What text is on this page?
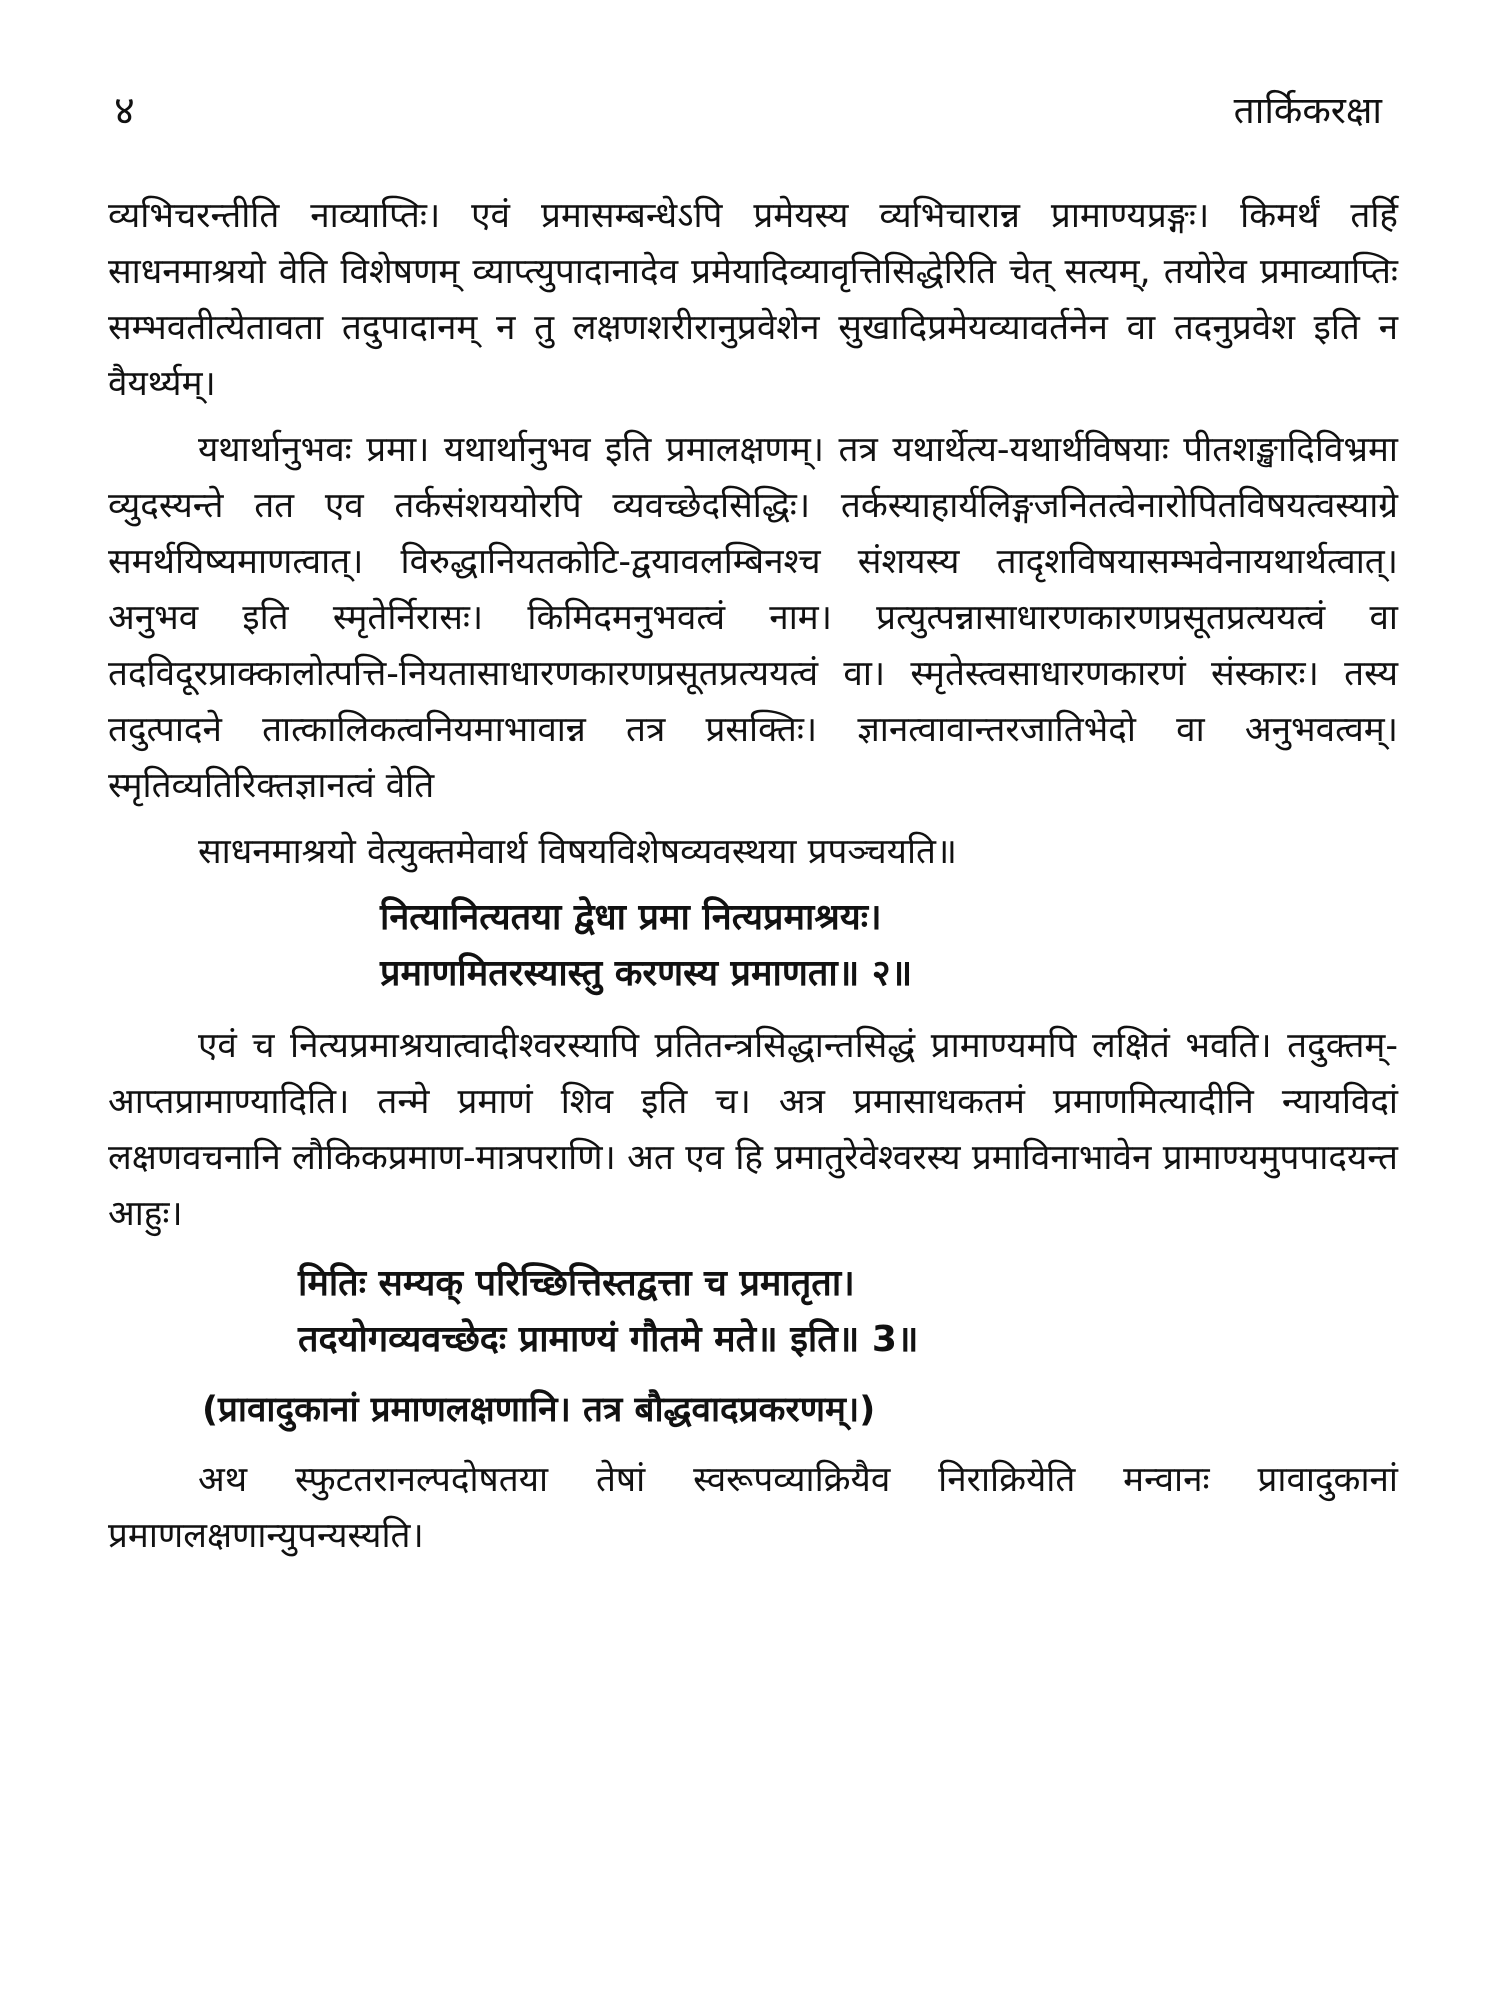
४	तार्किकरक्षा

व्यभिचरन्तीति नाव्याप्तिः। एवं प्रमासम्बन्धेऽपि प्रमेयस्य व्यभिचारान्न प्रामाण्यप्रङ्गः। किमर्थं तर्हि साधनमाश्रयो वेति विशेषणम् व्याप्त्युपादानादेव प्रमेयादिव्यावृत्तिसिद्धेरिति चेत् सत्यम्, तयोरेव प्रमाव्याप्तिः सम्भवतीत्येतावता तदुपादानम् न तु लक्षणशरीरानुप्रवेशेन सुखादिप्रमेयव्यावर्तनेन वा तदनुप्रवेश इति न वैयर्थ्यम्।

यथार्थानुभवः प्रमा। यथार्थानुभव इति प्रमालक्षणम्। तत्र यथार्थेत्य-यथार्थविषयाः पीतशङ्खादिविभ्रमा व्युदस्यन्ते तत एव तर्कसंशययोरपि व्यवच्छेदसिद्धिः। तर्कस्याहार्यलिङ्गजनितत्वेनारोपितविषयत्वस्याग्रे समर्थयिष्यमाणत्वात्। विरुद्धानियतकोटि-द्वयावलम्बिनश्च संशयस्य तादृशविषयासम्भवेनायथार्थत्वात्। अनुभव इति स्मृतेर्निरासः। किमिदमनुभवत्वं नाम। प्रत्युत्पन्नासाधारणकारणप्रसूतप्रत्ययत्वं वा तदविदूरप्राक्कालोत्पत्ति-नियतासाधारणकारणप्रसूतप्रत्ययत्वं वा। स्मृतेस्त्वसाधारणकारणं संस्कारः। तस्य तदुत्पादने तात्कालिकत्वनियमाभावान्न तत्र प्रसक्तिः। ज्ञानत्वावान्तरजातिभेदो वा अनुभवत्वम्। स्मृतिव्यतिरिक्तज्ञानत्वं वेति

साधनमाश्रयो वेत्युक्तमेवार्थ विषयविशेषव्यवस्थया प्रपञ्चयति॥

नित्यानित्यतया द्वेधा प्रमा नित्यप्रमाश्रयः।
प्रमाणमितरस्यास्तु करणस्य प्रमाणता॥ २॥

एवं च नित्यप्रमाश्रयात्वादीश्वरस्यापि प्रतितन्त्रसिद्धान्तसिद्धं प्रामाण्यमपि लक्षितं भवति। तदुक्तम्-आप्तप्रामाण्यादिति। तन्मे प्रमाणं शिव इति च। अत्र प्रमासाधकतमं प्रमाणमित्यादीनि न्यायविदां लक्षणवचनानि लौकिकप्रमाण-मात्रपराणि। अत एव हि प्रमातुरेवेश्वरस्य प्रमाविनाभावेन प्रामाण्यमुपपादयन्त आहुः।

मितिः सम्यक् परिच्छित्तिस्तद्वत्ता च प्रमातृता।
तदयोगव्यवच्छेदः प्रामाण्यं गौतमे मते॥ इति॥ 3॥
(प्रावादुकानां प्रमाणलक्षणानि। तत्र बौद्धवादप्रकरणम्।)

अथ स्फुटतरानल्पदोषतया तेषां स्वरूपव्याक्रियैव निराक्रियेति मन्वानः प्रावादुकानां प्रमाणलक्षणान्युपन्यस्यति।
